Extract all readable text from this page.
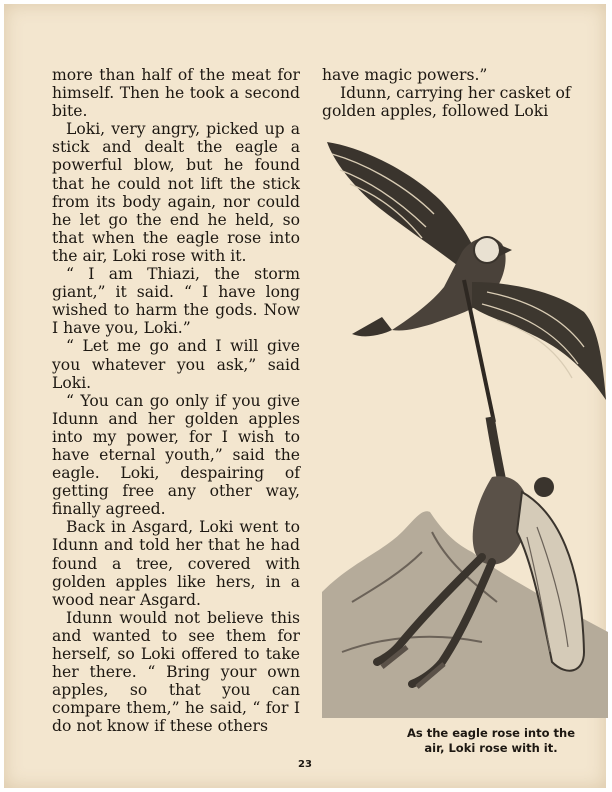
more than half of the meat for himself. Then he took a second bite.

Loki, very angry, picked up a stick and dealt the eagle a powerful blow, but he found that he could not lift the stick from its body again, nor could he let go the end he held, so that when the eagle rose into the air, Loki rose with it.

“ I am Thiazi, the storm giant,” it said. “ I have long wished to harm the gods. Now I have you, Loki.”

“ Let me go and I will give you whatever you ask,” said Loki.

“ You can go only if you give Idunn and her golden apples into my power, for I wish to have eternal youth,” said the eagle. Loki, despairing of getting free any other way, finally agreed.

Back in Asgard, Loki went to Idunn and told her that he had found a tree, covered with golden apples like hers, in a wood near Asgard.

Idunn would not believe this and wanted to see them for herself, so Loki offered to take her there. “ Bring your own apples, so that you can compare them,” he said, “ for I do not know if these others

have magic powers.”

Idunn, carrying her casket of golden apples, followed Loki

As the eagle rose into the air, Loki rose with it.
23
